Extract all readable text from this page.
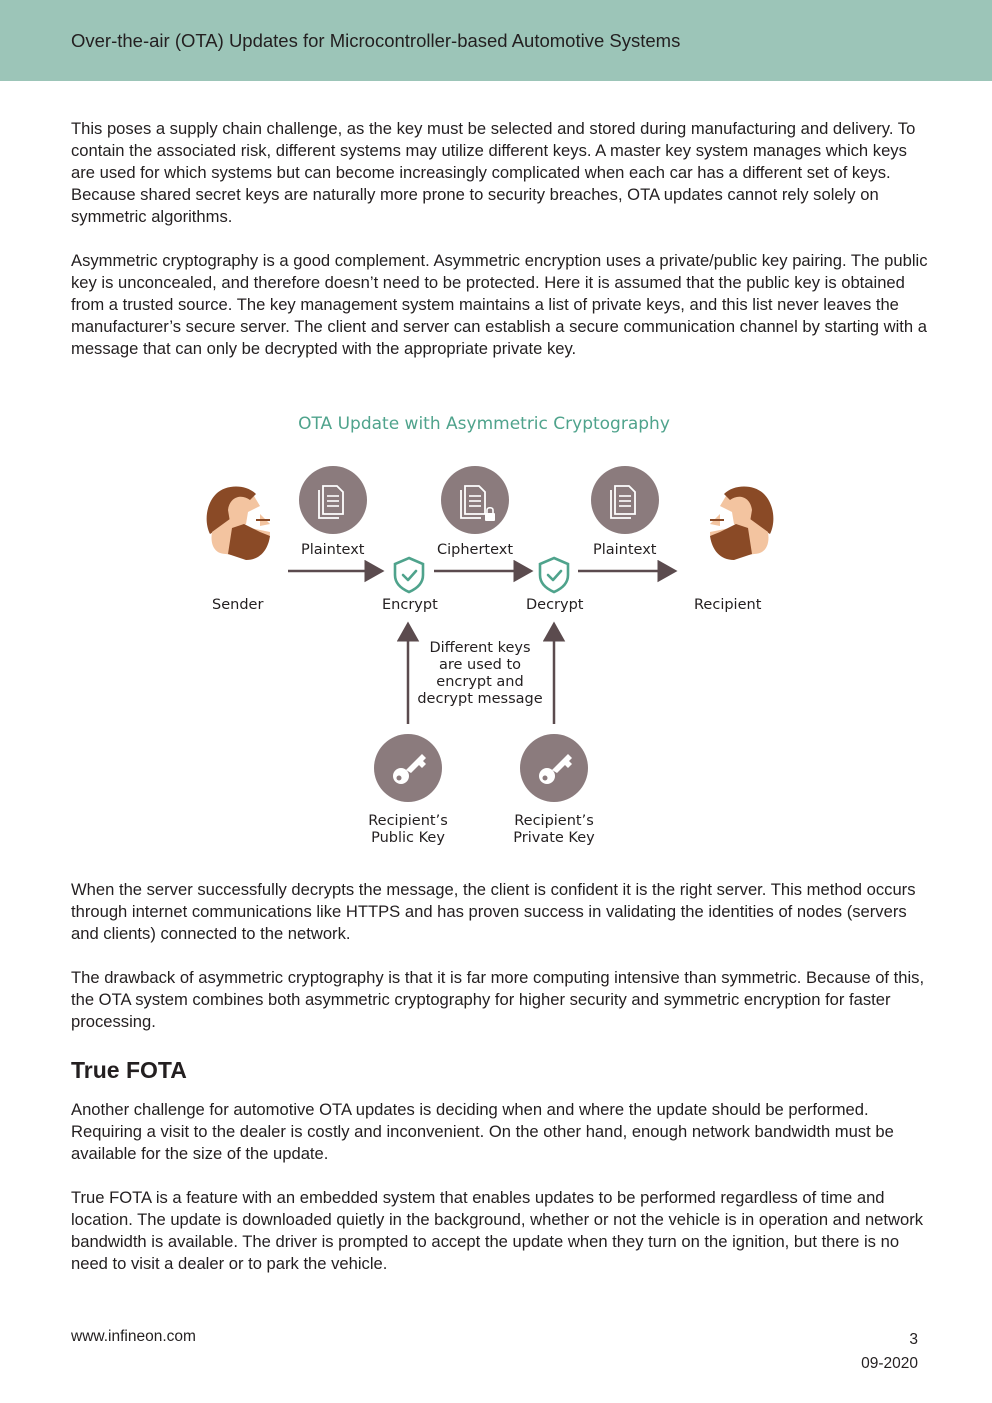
Over-the-air (OTA) Updates for Microcontroller-based Automotive Systems

This poses a supply chain challenge, as the key must be selected and stored during manufacturing and delivery. To contain the associated risk, different systems may utilize different keys. A master key system manages which keys are used for which systems but can become increasingly complicated when each car has a different set of keys. Because shared secret keys are naturally more prone to security breaches, OTA updates cannot rely solely on symmetric algorithms.

Asymmetric cryptography is a good complement. Asymmetric encryption uses a private/public key pairing. The public key is unconcealed, and therefore doesn’t need to be protected. Here it is assumed that the public key is obtained from a trusted source. The key management system maintains a list of private keys, and this list never leaves the manufacturer’s secure server. The client and server can establish a secure communication channel by starting with a message that can only be decrypted with the appropriate private key.

OTA Update with Asymmetric Cryptography
Plaintext	Ciphertext	Plaintext
Sender	Encrypt	Decrypt	Recipient
Different keys
are used to
encrypt and
decrypt message
Recipient’s
Public Key
Recipient’s
Private Key

When the server successfully decrypts the message, the client is confident it is the right server. This method occurs through internet communications like HTTPS and has proven success in validating the identities of nodes (servers and clients) connected to the network.

The drawback of asymmetric cryptography is that it is far more computing intensive than symmetric. Because of this, the OTA system combines both asymmetric cryptography for higher security and symmetric encryption for faster processing.

True FOTA

Another challenge for automotive OTA updates is deciding when and where the update should be performed. Requiring a visit to the dealer is costly and inconvenient. On the other hand, enough network bandwidth must be available for the size of the update.

True FOTA is a feature with an embedded system that enables updates to be performed regardless of time and location. The update is downloaded quietly in the background, whether or not the vehicle is in operation and network bandwidth is available. The driver is prompted to accept the update when they turn on the ignition, but there is no need to visit a dealer or to park the vehicle.

www.infineon.com	3
09-2020
